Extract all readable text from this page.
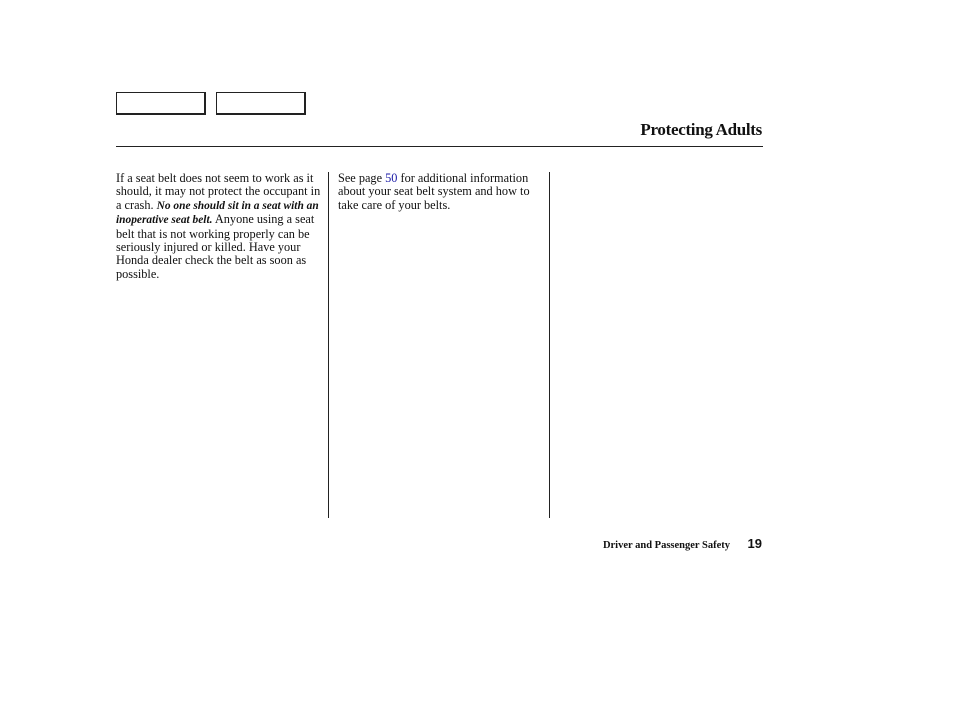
Protecting Adults
If a seat belt does not seem to work as it should, it may not protect the occupant in a crash. No one should sit in a seat with an inoperative seat belt. Anyone using a seat belt that is not working properly can be seriously injured or killed. Have your Honda dealer check the belt as soon as possible.
See page 50 for additional information about your seat belt system and how to take care of your belts.
Driver and Passenger Safety 19
